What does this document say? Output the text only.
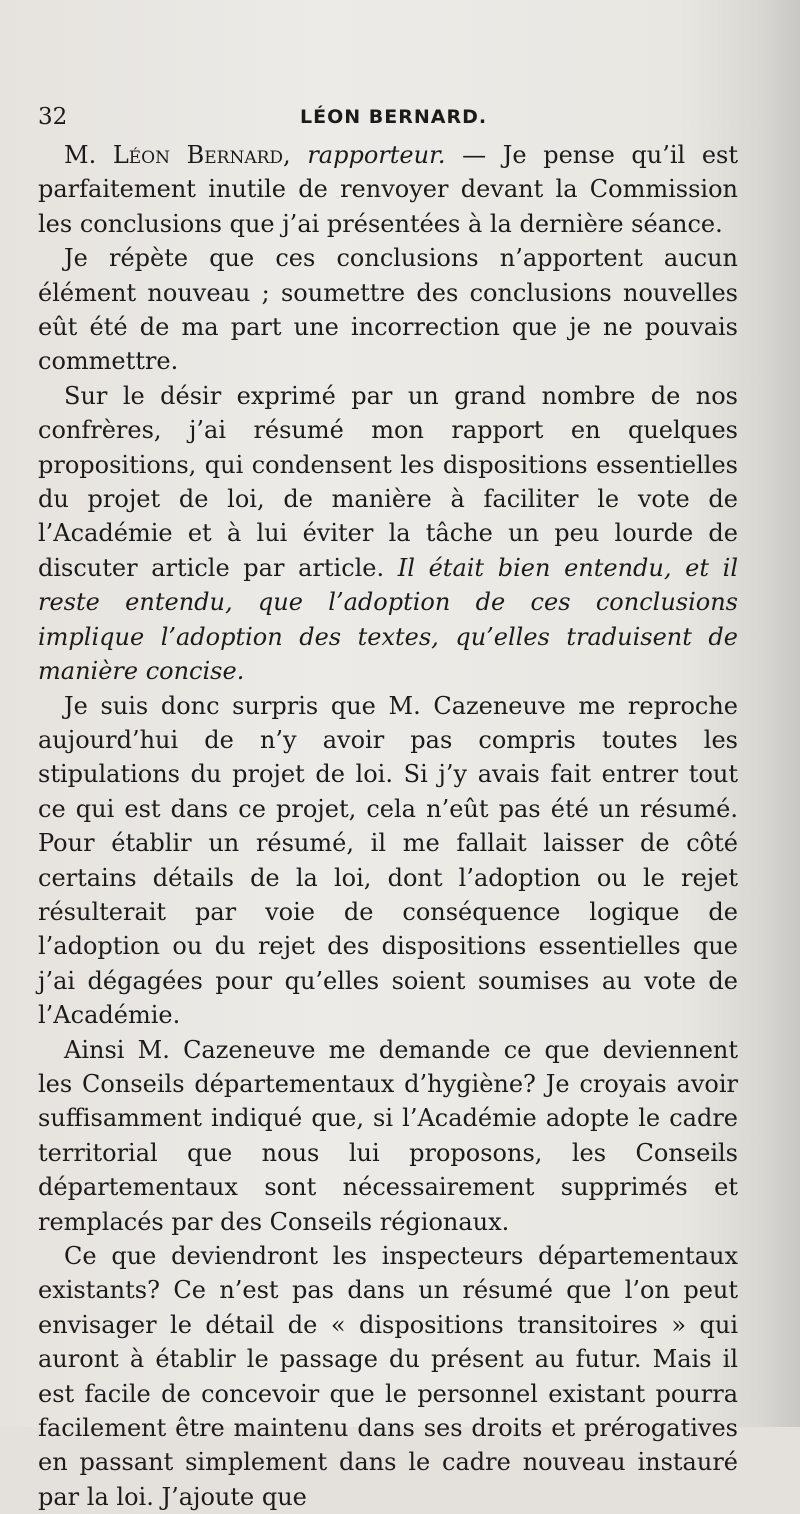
32	LÉON BERNARD.

M. Léon Bernard, rapporteur. — Je pense qu’il est parfaitement inutile de renvoyer devant la Commission les conclusions que j’ai présentées à la dernière séance.

Je répète que ces conclusions n’apportent aucun élément nouveau ; soumettre des conclusions nouvelles eût été de ma part une incorrection que je ne pouvais commettre.

Sur le désir exprimé par un grand nombre de nos confrères, j’ai résumé mon rapport en quelques propositions, qui condensent les dispositions essentielles du projet de loi, de manière à faciliter le vote de l’Académie et à lui éviter la tâche un peu lourde de discuter article par article. Il était bien entendu, et il reste entendu, que l’adoption de ces conclusions implique l’adoption des textes, qu’elles traduisent de manière concise.

Je suis donc surpris que M. Cazeneuve me reproche aujourd’hui de n’y avoir pas compris toutes les stipulations du projet de loi. Si j’y avais fait entrer tout ce qui est dans ce projet, cela n’eût pas été un résumé. Pour établir un résumé, il me fallait laisser de côté certains détails de la loi, dont l’adoption ou le rejet résulterait par voie de conséquence logique de l’adoption ou du rejet des dispositions essentielles que j’ai dégagées pour qu’elles soient soumises au vote de l’Académie.

Ainsi M. Cazeneuve me demande ce que deviennent les Conseils départementaux d’hygiène? Je croyais avoir suffisamment indiqué que, si l’Académie adopte le cadre territorial que nous lui proposons, les Conseils départementaux sont nécessairement supprimés et remplacés par des Conseils régionaux.

Ce que deviendront les inspecteurs départementaux existants? Ce n’est pas dans un résumé que l’on peut envisager le détail de « dispositions transitoires » qui auront à établir le passage du présent au futur. Mais il est facile de concevoir que le personnel existant pourra facilement être maintenu dans ses droits et prérogatives en passant simplement dans le cadre nouveau instauré par la loi. J’ajoute que
